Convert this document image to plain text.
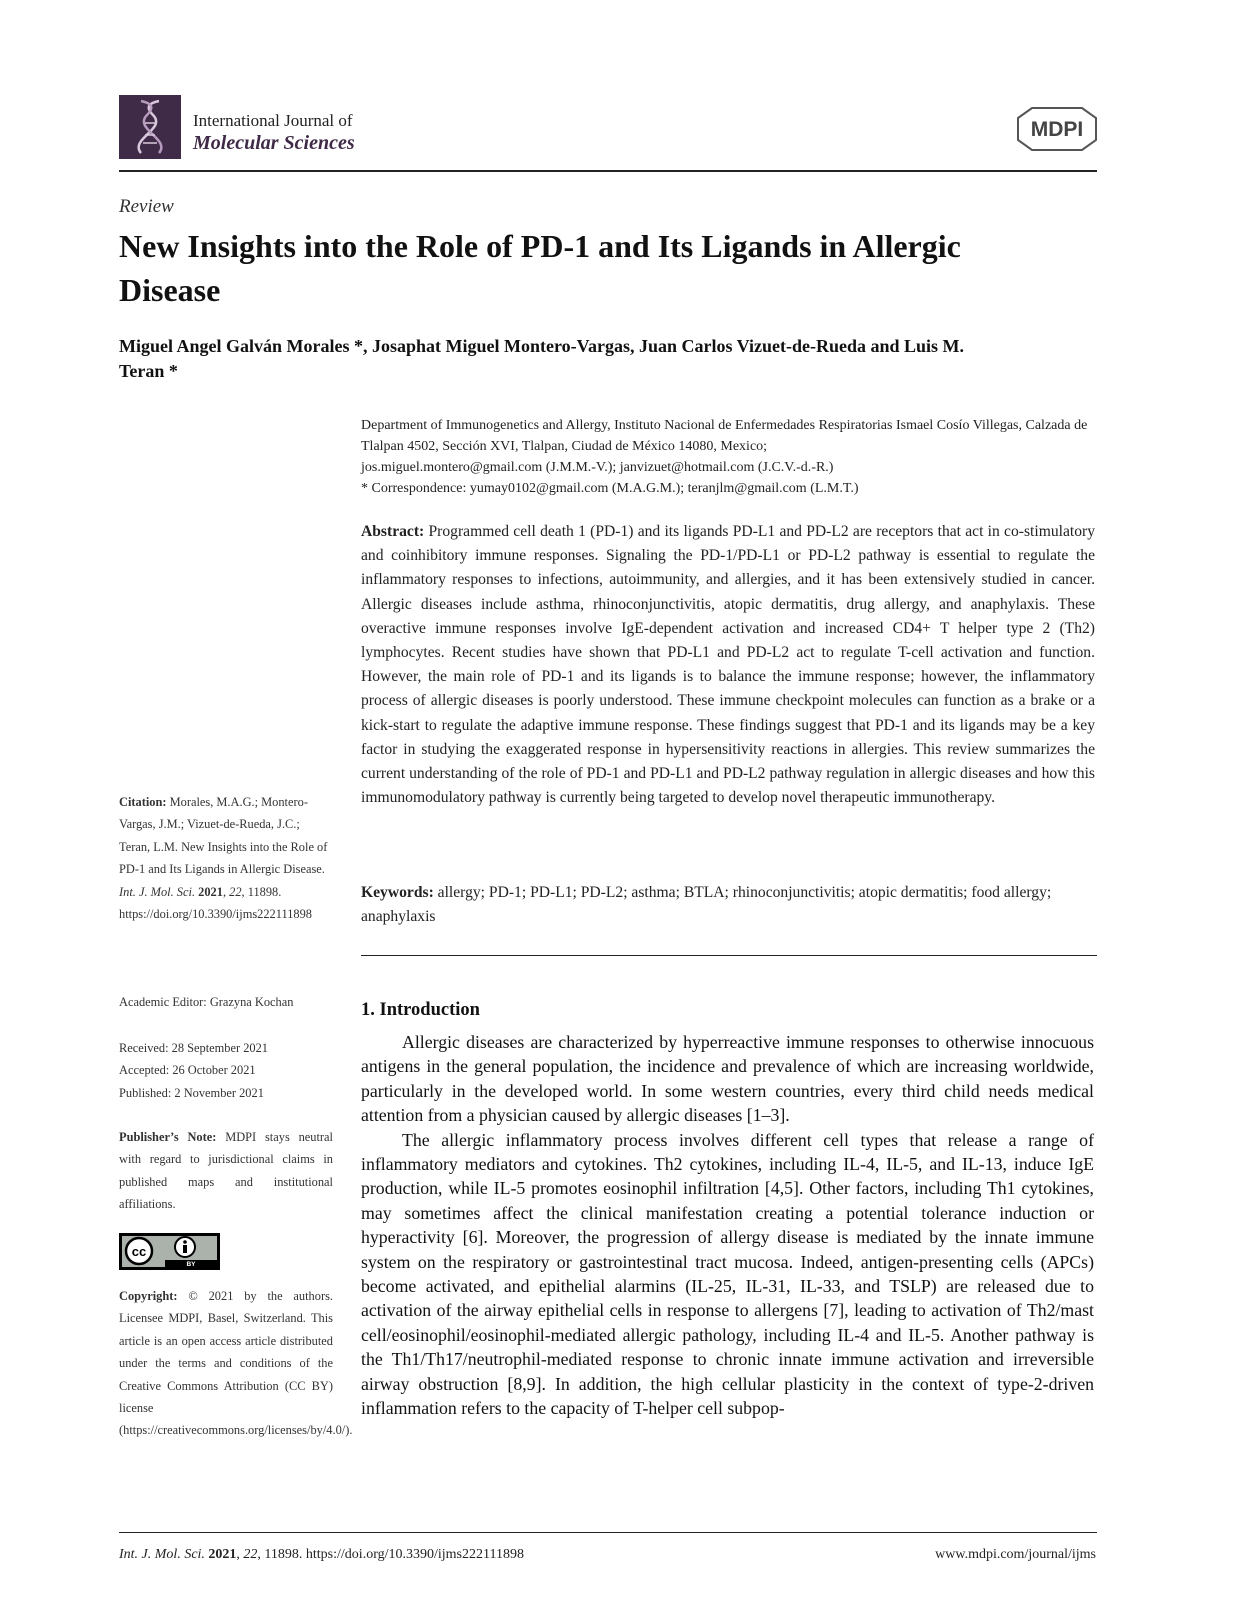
International Journal of
Molecular Sciences
MDPI
Review
New Insights into the Role of PD-1 and Its Ligands in Allergic Disease
Miguel Angel Galván Morales *, Josaphat Miguel Montero-Vargas, Juan Carlos Vizuet-de-Rueda and Luis M. Teran *

Department of Immunogenetics and Allergy, Instituto Nacional de Enfermedades Respiratorias Ismael Cosío Villegas, Calzada de Tlalpan 4502, Sección XVI, Tlalpan, Ciudad de México 14080, Mexico;

jos.miguel.montero@gmail.com (J.M.M.-V.); janvizuet@hotmail.com (J.C.V.-d.-R.)

* Correspondence: yumay0102@gmail.com (M.A.G.M.); teranjlm@gmail.com (L.M.T.)

Abstract: Programmed cell death 1 (PD-1) and its ligands PD-L1 and PD-L2 are receptors that act in co-stimulatory and coinhibitory immune responses. Signaling the PD-1/PD-L1 or PD-L2 pathway is essential to regulate the inflammatory responses to infections, autoimmunity, and allergies, and it has been extensively studied in cancer. Allergic diseases include asthma, rhinoconjunctivitis, atopic dermatitis, drug allergy, and anaphylaxis. These overactive immune responses involve IgE-dependent activation and increased CD4+ T helper type 2 (Th2) lymphocytes. Recent studies have shown that PD-L1 and PD-L2 act to regulate T-cell activation and function. However, the main role of PD-1 and its ligands is to balance the immune response; however, the inflammatory process of allergic diseases is poorly understood. These immune checkpoint molecules can function as a brake or a kick-start to regulate the adaptive immune response. These findings suggest that PD-1 and its ligands may be a key factor in studying the exaggerated response in hypersensitivity reactions in allergies. This review summarizes the current understanding of the role of PD-1 and PD-L1 and PD-L2 pathway regulation in allergic diseases and how this immunomodulatory pathway is currently being targeted to develop novel therapeutic immunotherapy.
Keywords: allergy; PD-1; PD-L1; PD-L2; asthma; BTLA; rhinoconjunctivitis; atopic dermatitis; food allergy; anaphylaxis
Citation: Morales, M.A.G.; Montero-Vargas, J.M.; Vizuet-de-Rueda, J.C.; Teran, L.M. New Insights into the Role of PD-1 and Its Ligands in Allergic Disease. Int. J. Mol. Sci. 2021, 22, 11898. https://doi.org/10.3390/ijms222111898
Academic Editor: Grazyna Kochan

Received: 28 September 2021

Accepted: 26 October 2021

Published: 2 November 2021

Publisher’s Note: MDPI stays neutral with regard to jurisdictional claims in published maps and institutional affiliations.
cc
BY
Copyright: © 2021 by the authors. Licensee MDPI, Basel, Switzerland. This article is an open access article distributed under the terms and conditions of the Creative Commons Attribution (CC BY) license (https://creativecommons.org/licenses/by/4.0/).
1. Introduction

Allergic diseases are characterized by hyperreactive immune responses to otherwise innocuous antigens in the general population, the incidence and prevalence of which are increasing worldwide, particularly in the developed world. In some western countries, every third child needs medical attention from a physician caused by allergic diseases [1–3].

The allergic inflammatory process involves different cell types that release a range of inflammatory mediators and cytokines. Th2 cytokines, including IL-4, IL-5, and IL-13, induce IgE production, while IL-5 promotes eosinophil infiltration [4,5]. Other factors, including Th1 cytokines, may sometimes affect the clinical manifestation creating a potential tolerance induction or hyperactivity [6]. Moreover, the progression of allergy disease is mediated by the innate immune system on the respiratory or gastrointestinal tract mucosa. Indeed, antigen-presenting cells (APCs) become activated, and epithelial alarmins (IL-25, IL-31, IL-33, and TSLP) are released due to activation of the airway epithelial cells in response to allergens [7], leading to activation of Th2/mast cell/eosinophil/eosinophil-mediated allergic pathology, including IL-4 and IL-5. Another pathway is the Th1/Th17/neutrophil-mediated response to chronic innate immune activation and irreversible airway obstruction [8,9]. In addition, the high cellular plasticity in the context of type-2-driven inflammation refers to the capacity of T-helper cell subpop-

Int. J. Mol. Sci. 2021, 22, 11898. https://doi.org/10.3390/ijms222111898	www.mdpi.com/journal/ijms
